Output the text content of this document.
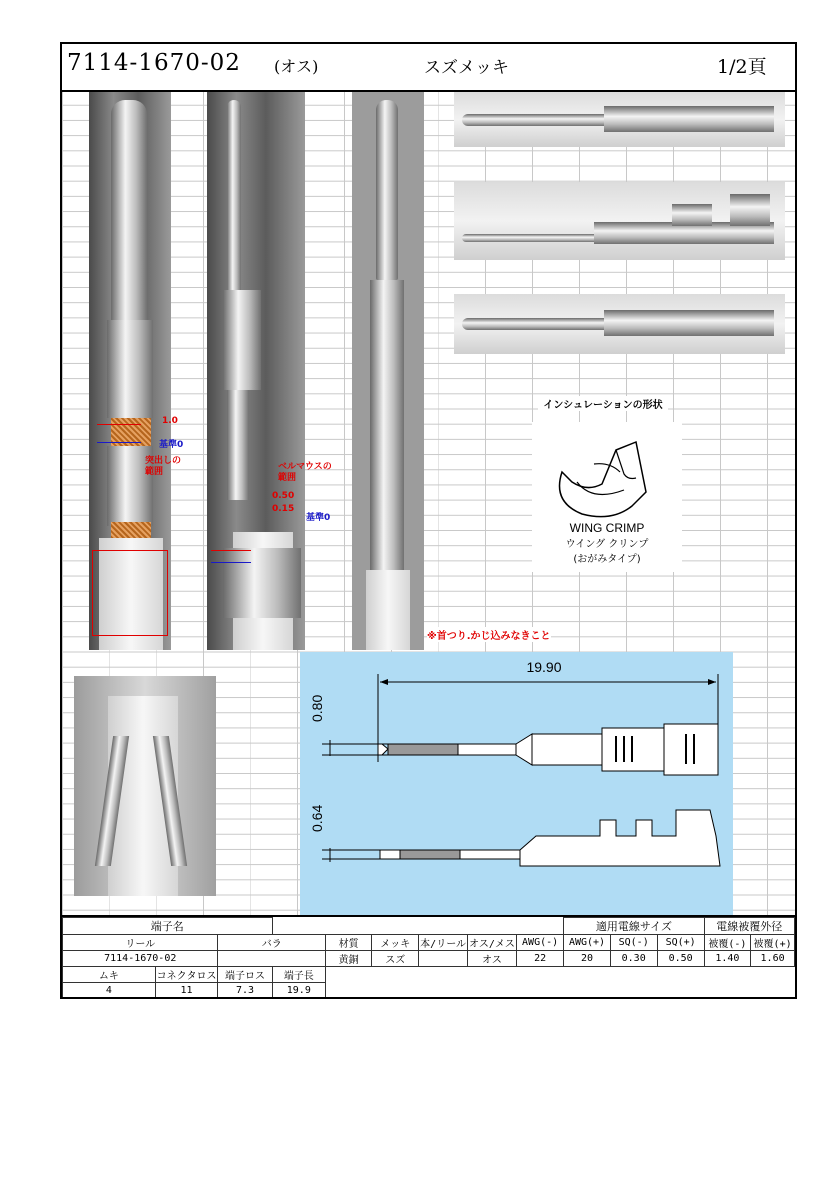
7114-1670-02 (オス)	スズメッキ	1/2頁
1.0
基準0
突出しの
範囲	ベルマウスの
範囲
0.50
0.15
基準0
インシュレーションの形状
WING CRIMP
ウイング クリンプ
(おがみタイプ)
※首つり.かじ込みなきこと
19.90
0.80
0.64
端子名									適用電線サイズ			電線被覆外径	
リール		バラ		材質	メッキ	本/リール	オス/メス	AWG(-)	AWG(+)	SQ(-)	SQ(+)	被覆(-)	被覆(+)
7114-1670-02				黄銅	スズ		オス	22	20	0.30	0.50	1.40	1.60
ムキ	コネクタロス	端子ロス	端子長										
4	11	7.3	19.9										
